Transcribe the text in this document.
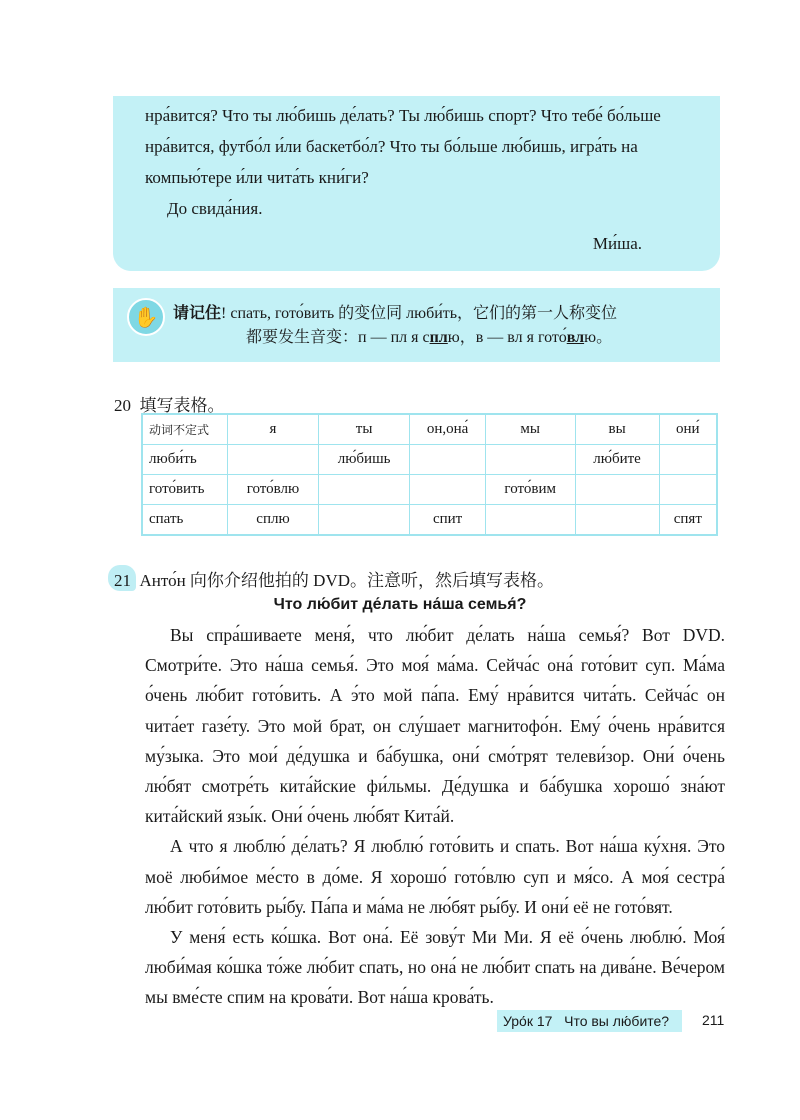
нра́вится? Что ты лю́бишь де́лать? Ты лю́бишь спорт? Что тебе́ бо́льше

нра́вится, футбо́л и́ли баскетбо́л? Что ты бо́льше лю́бишь, игра́ть на

компью́тере и́ли чита́ть кни́ги?

До свида́ния.

Ми́ша.
✋ 请记住! спать, гото́вить 的变位同 люби́ть，它们的第一人称变位
都要发生音变：п — пл я сплю，в — вл я гото́влю。
20 填写表格。
动词不定式	я	ты	он,она́	мы	вы	они́
люби́ть		лю́бишь			лю́бите	
гото́вить	гото́влю			гото́вим		
спать	сплю		спит			спят
21 Анто́н 向你介绍他拍的 DVD。注意听，然后填写表格。
Что лю́бит де́лать на́ша семья́?

Вы спра́шиваете меня́, что лю́бит де́лать на́ша семья́? Вот DVD. Смотри́те. Это на́ша семья́. Это моя́ ма́ма. Сейча́с она́ гото́вит суп. Ма́ма о́чень лю́бит гото́вить. А э́то мой па́па. Ему́ нра́вится чита́ть. Сейча́с он чита́ет газе́ту. Это мой брат, он слу́шает магнитофо́н. Ему́ о́чень нра́вится му́зыка. Это мои́ де́душка и ба́бушка, они́ смо́трят телеви́зор. Они́ о́чень лю́бят смотре́ть кита́йские фи́льмы. Де́душка и ба́бушка хорошо́ зна́ют кита́йский язы́к. Они́ о́чень лю́бят Кита́й.

А что я люблю́ де́лать? Я люблю́ гото́вить и спать. Вот на́ша ку́хня. Это моё люби́мое ме́сто в до́ме. Я хорошо́ гото́влю суп и мя́со. А моя́ сестра́ лю́бит гото́вить ры́бу. Па́па и ма́ма не лю́бят ры́бу. И они́ её не гото́вят.

У меня́ есть ко́шка. Вот она́. Её зову́т Ми Ми. Я её о́чень люблю́. Моя́ люби́мая ко́шка то́же лю́бит спать, но она́ не лю́бит спать на дива́не. Ве́чером мы вме́сте спим на крова́ти. Вот на́ша крова́ть.

Уро́к 17 Что вы лю́бите?	211
